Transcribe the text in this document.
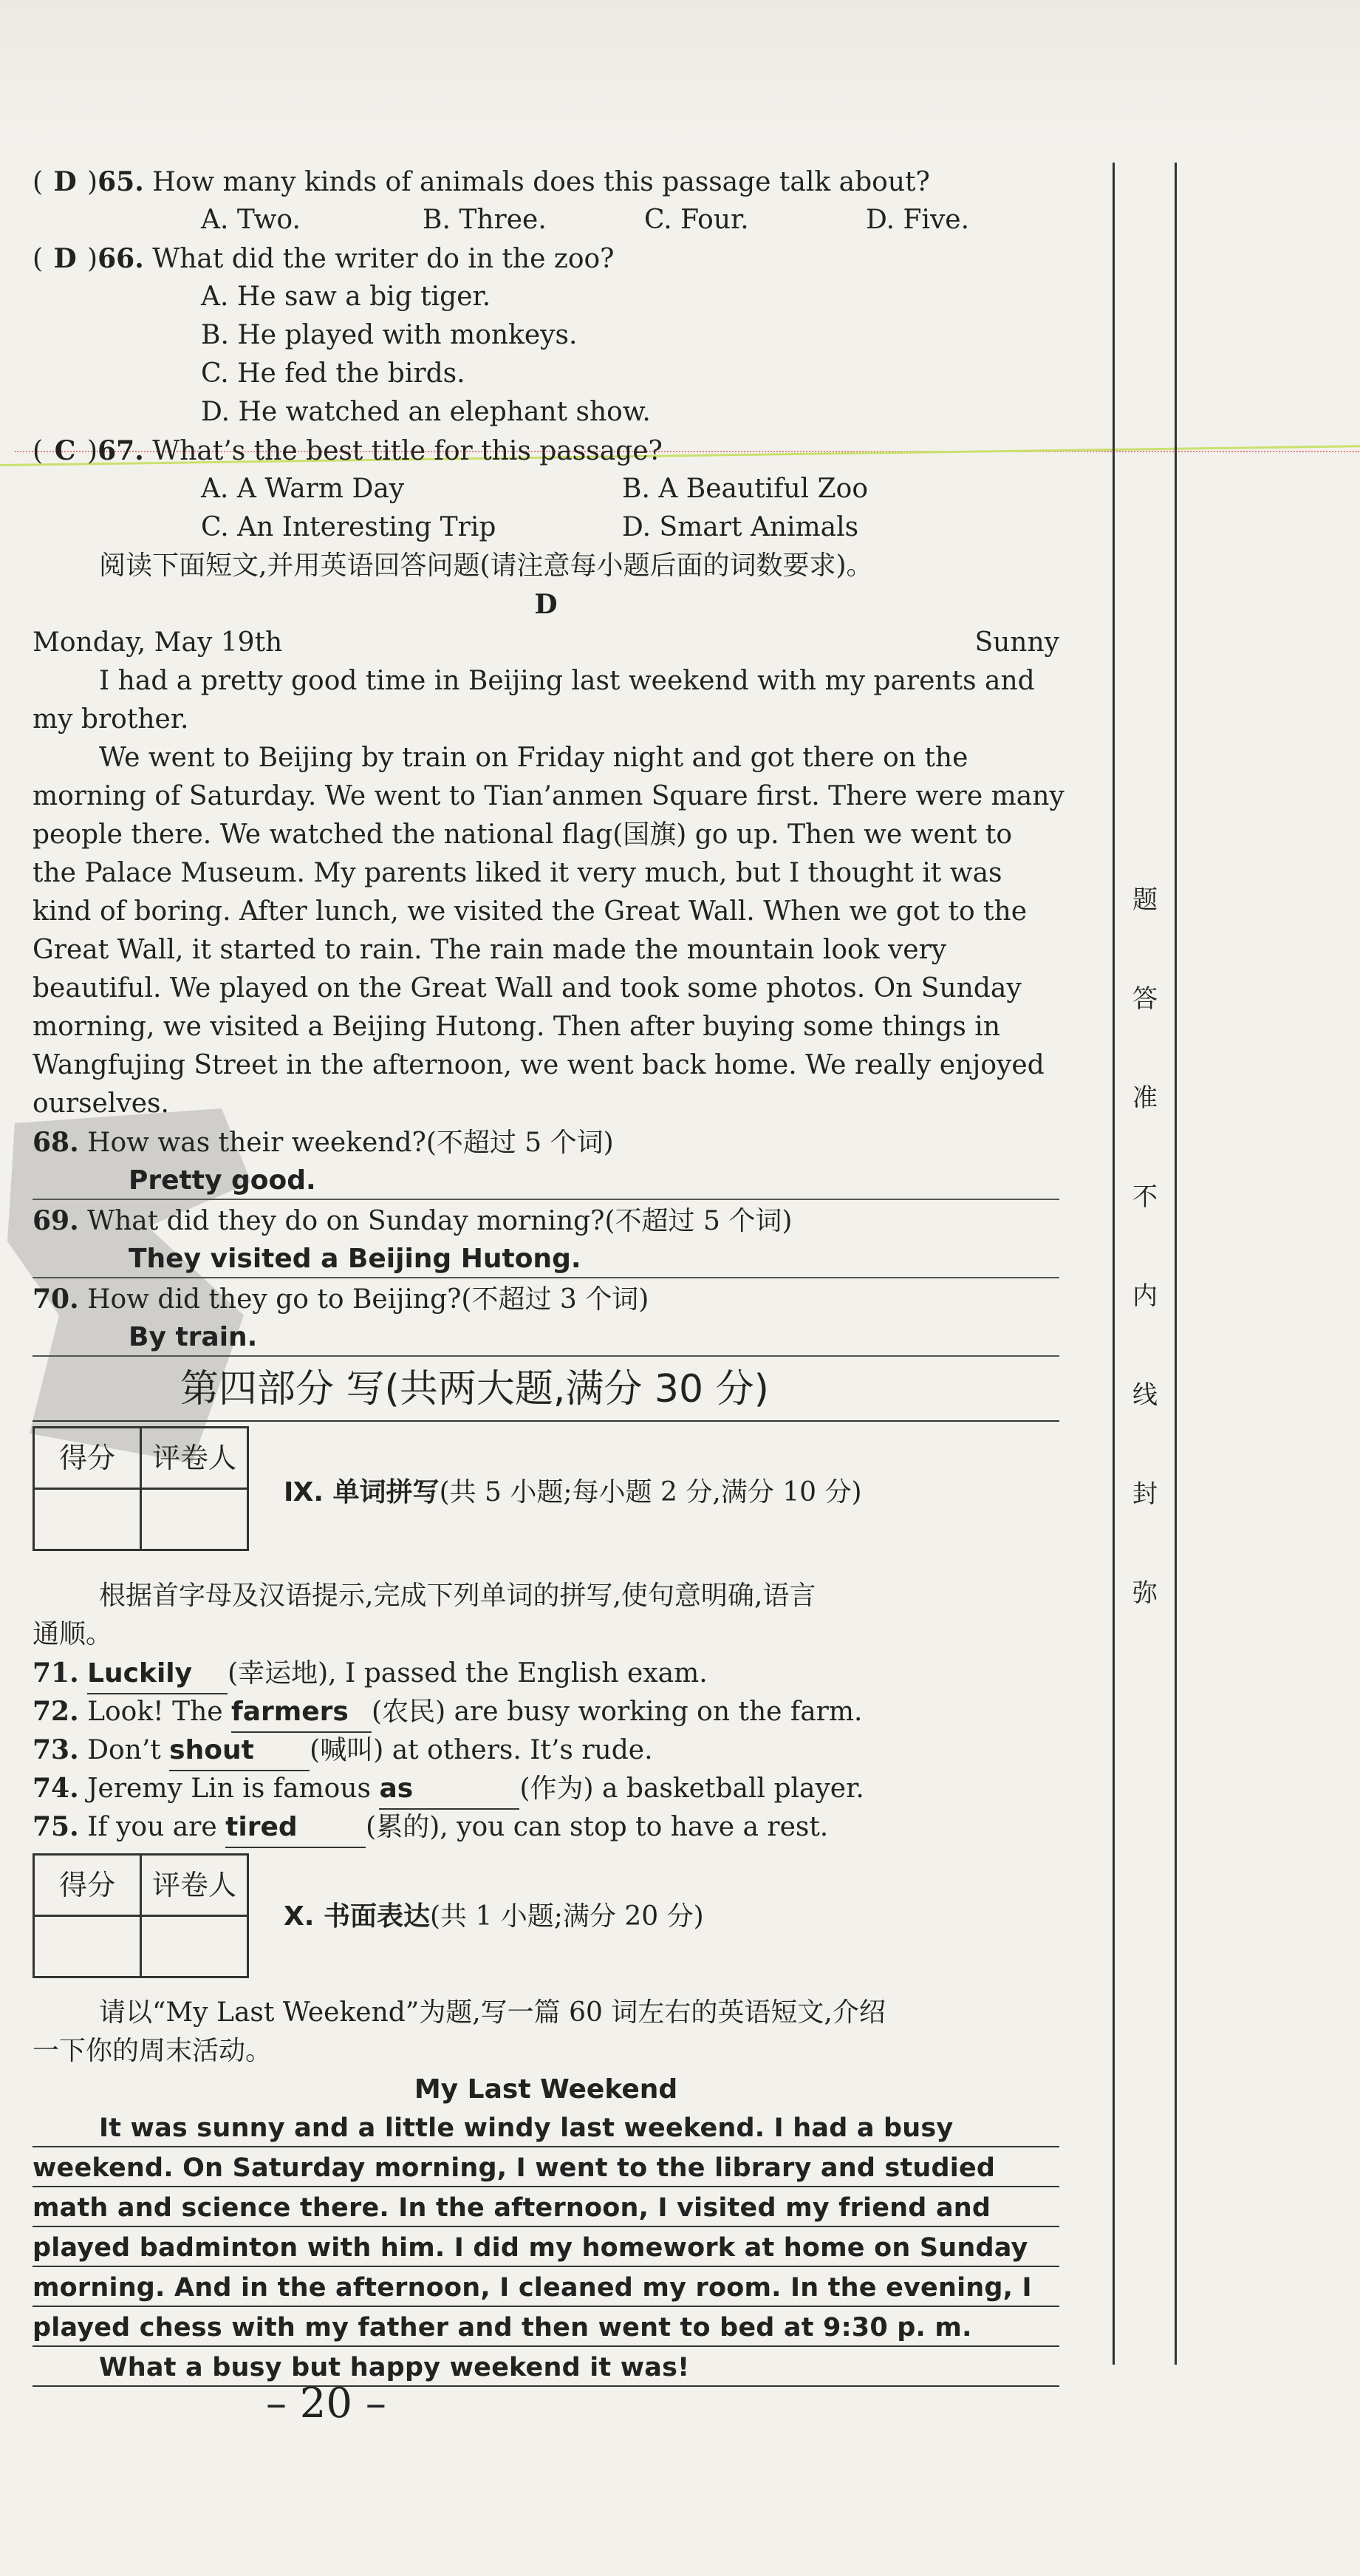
( D )65. How many kinds of animals does this passage talk about?
A. Two.	B. Three.	C. Four.	D. Five.
( D )66. What did the writer do in the zoo?
A. He saw a big tiger.
B. He played with monkeys.
C. He fed the birds.
D. He watched an elephant show.
( C )67. What’s the best title for this passage?
A. A Warm Day	B. A Beautiful Zoo
C. An Interesting Trip	D. Smart Animals
阅读下面短文,并用英语回答问题(请注意每小题后面的词数要求)。
D
Monday, May 19th	Sunny
I had a pretty good time in Beijing last weekend with my parents and
my brother.
We went to Beijing by train on Friday night and got there on the
morning of Saturday. We went to Tian’anmen Square first. There were many
people there. We watched the national flag(国旗) go up. Then we went to
the Palace Museum. My parents liked it very much, but I thought it was
kind of boring. After lunch, we visited the Great Wall. When we got to the
Great Wall, it started to rain. The rain made the mountain look very
beautiful. We played on the Great Wall and took some photos. On Sunday
morning, we visited a Beijing Hutong. Then after buying some things in
Wangfujing Street in the afternoon, we went back home. We really enjoyed
ourselves.
68. How was their weekend?(不超过 5 个词)
Pretty good.
69. What did they do on Sunday morning?(不超过 5 个词)
They visited a Beijing Hutong.
70. How did they go to Beijing?(不超过 3 个词)
By train.
第四部分 写(共两大题,满分 30 分)
得分	评卷人

Ⅸ. 单词拼写(共 5 小题;每小题 2 分,满分 10 分)
根据首字母及汉语提示,完成下列单词的拼写,使句意明确,语言
通顺。
71. Luckily (幸运地), I passed the English exam.
72. Look! The farmers (农民) are busy working on the farm.
73. Don’t shout (喊叫) at others. It’s rude.
74. Jeremy Lin is famous as	(作为) a basketball player.
75. If you are tired	(累的), you can stop to have a rest.
得分	评卷人

Ⅹ. 书面表达(共 1 小题;满分 20 分)
请以“My Last Weekend”为题,写一篇 60 词左右的英语短文,介绍
一下你的周末活动。
My Last Weekend
It was sunny and a little windy last weekend. I had a busy
weekend. On Saturday morning, I went to the library and studied
math and science there. In the afternoon, I visited my friend and
played badminton with him. I did my homework at home on Sunday
morning. And in the afternoon, I cleaned my room. In the evening, I
played chess with my father and then went to bed at 9:30 p. m.
What a busy but happy weekend it was!
题
答
准
不
内
线
封
弥
– 20 –
